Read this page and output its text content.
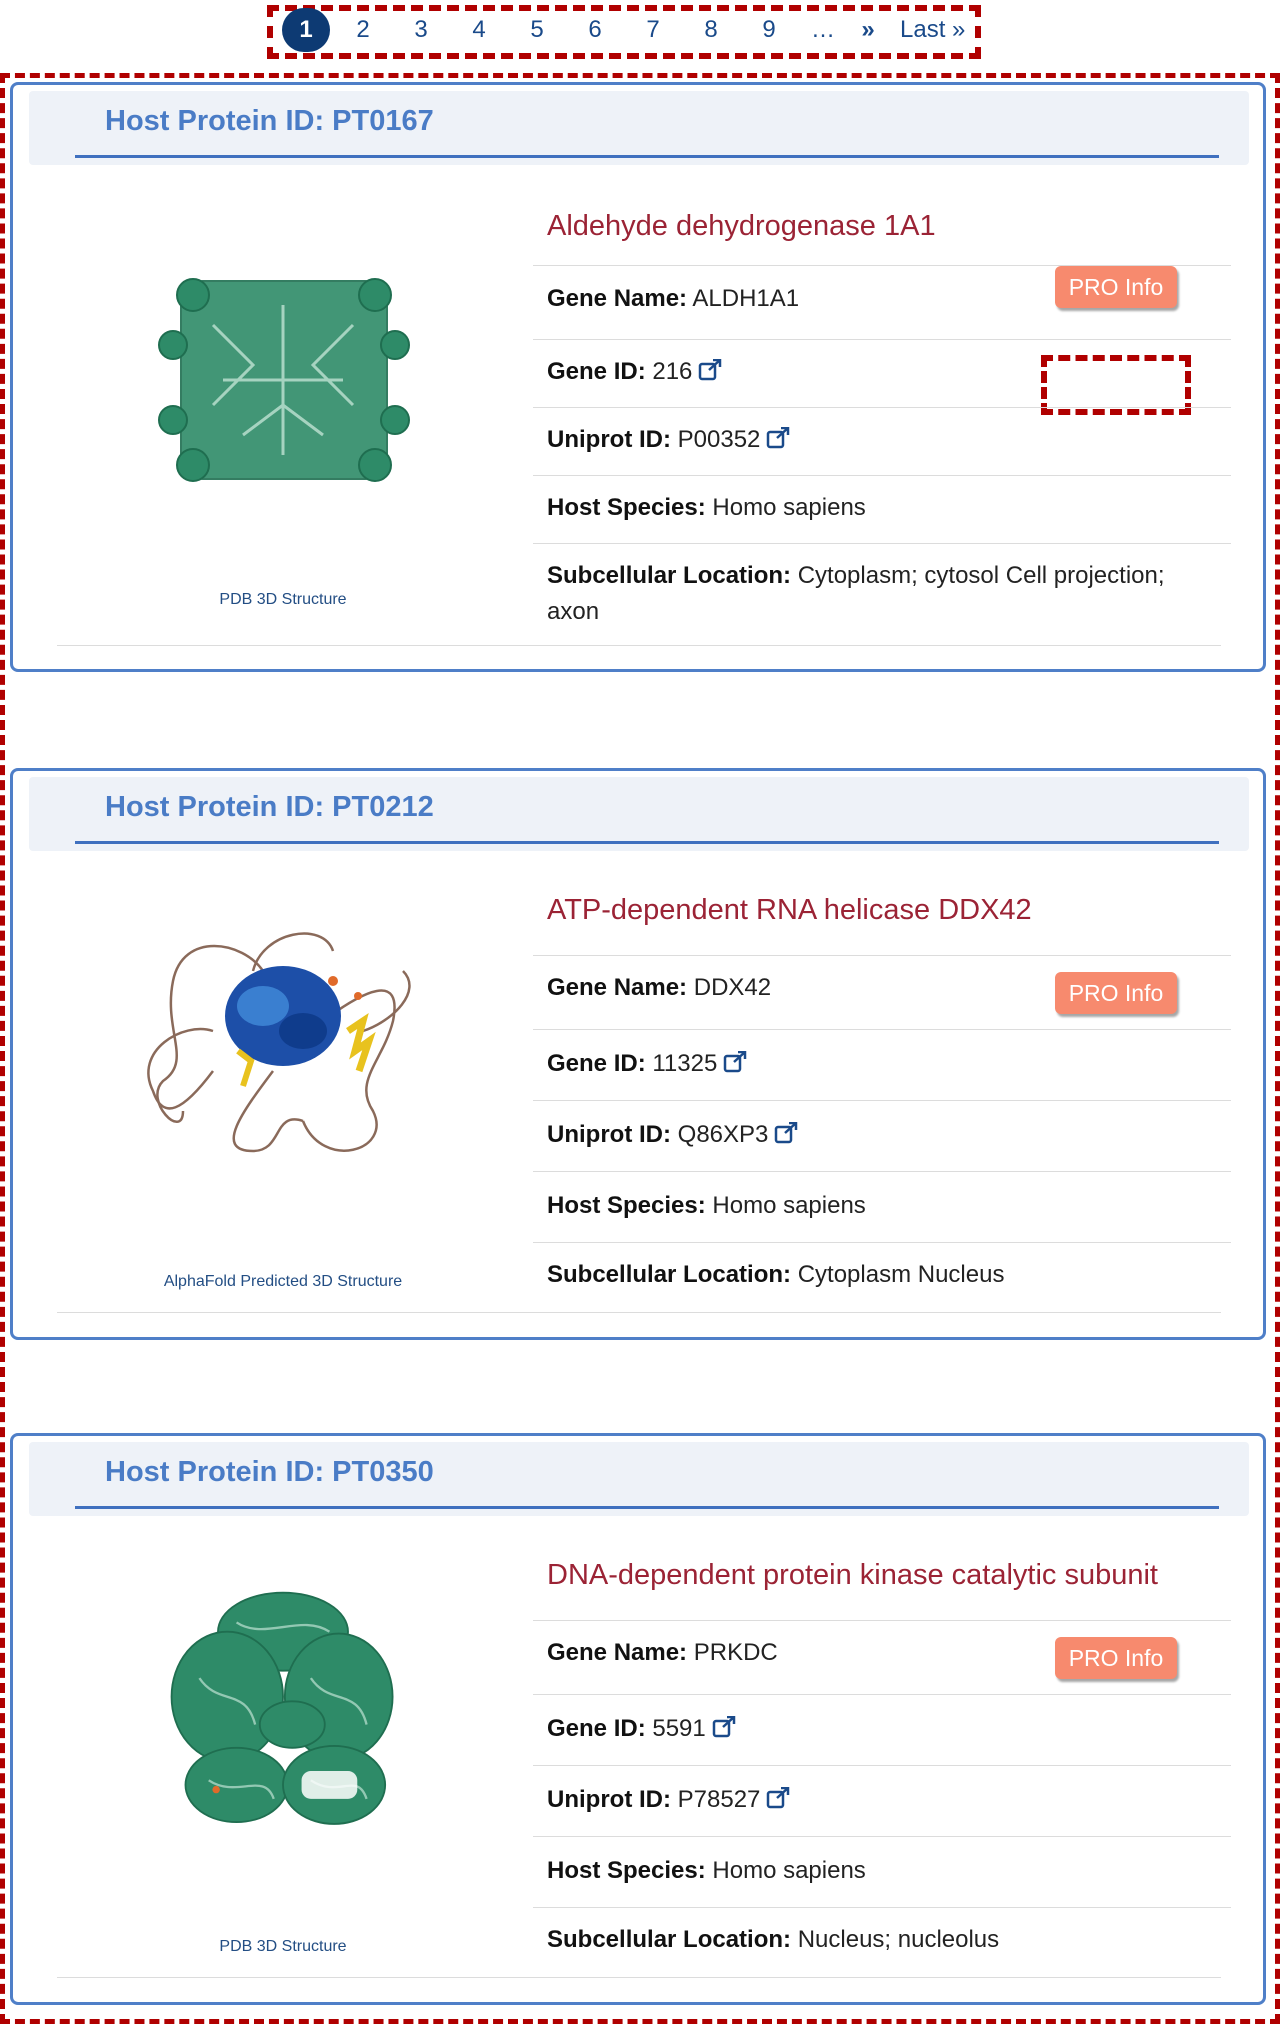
1	2	3	4	5	6	7	8	9	…	»	Last »
Host Protein ID: PT0167
PDB 3D Structure
Aldehyde dehydrogenase 1A1
Gene Name: ALDH1A1	PRO Info
Gene ID: 216
Uniprot ID: P00352
Host Species: Homo sapiens
Subcellular Location: Cytoplasm; cytosol Cell projection; axon
Host Protein ID: PT0212
AlphaFold Predicted 3D Structure
ATP-dependent RNA helicase DDX42
Gene Name: DDX42	PRO Info
Gene ID: 11325
Uniprot ID: Q86XP3
Host Species: Homo sapiens
Subcellular Location: Cytoplasm Nucleus
Host Protein ID: PT0350
PDB 3D Structure
DNA-dependent protein kinase catalytic subunit
Gene Name: PRKDC	PRO Info
Gene ID: 5591
Uniprot ID: P78527
Host Species: Homo sapiens
Subcellular Location: Nucleus; nucleolus
